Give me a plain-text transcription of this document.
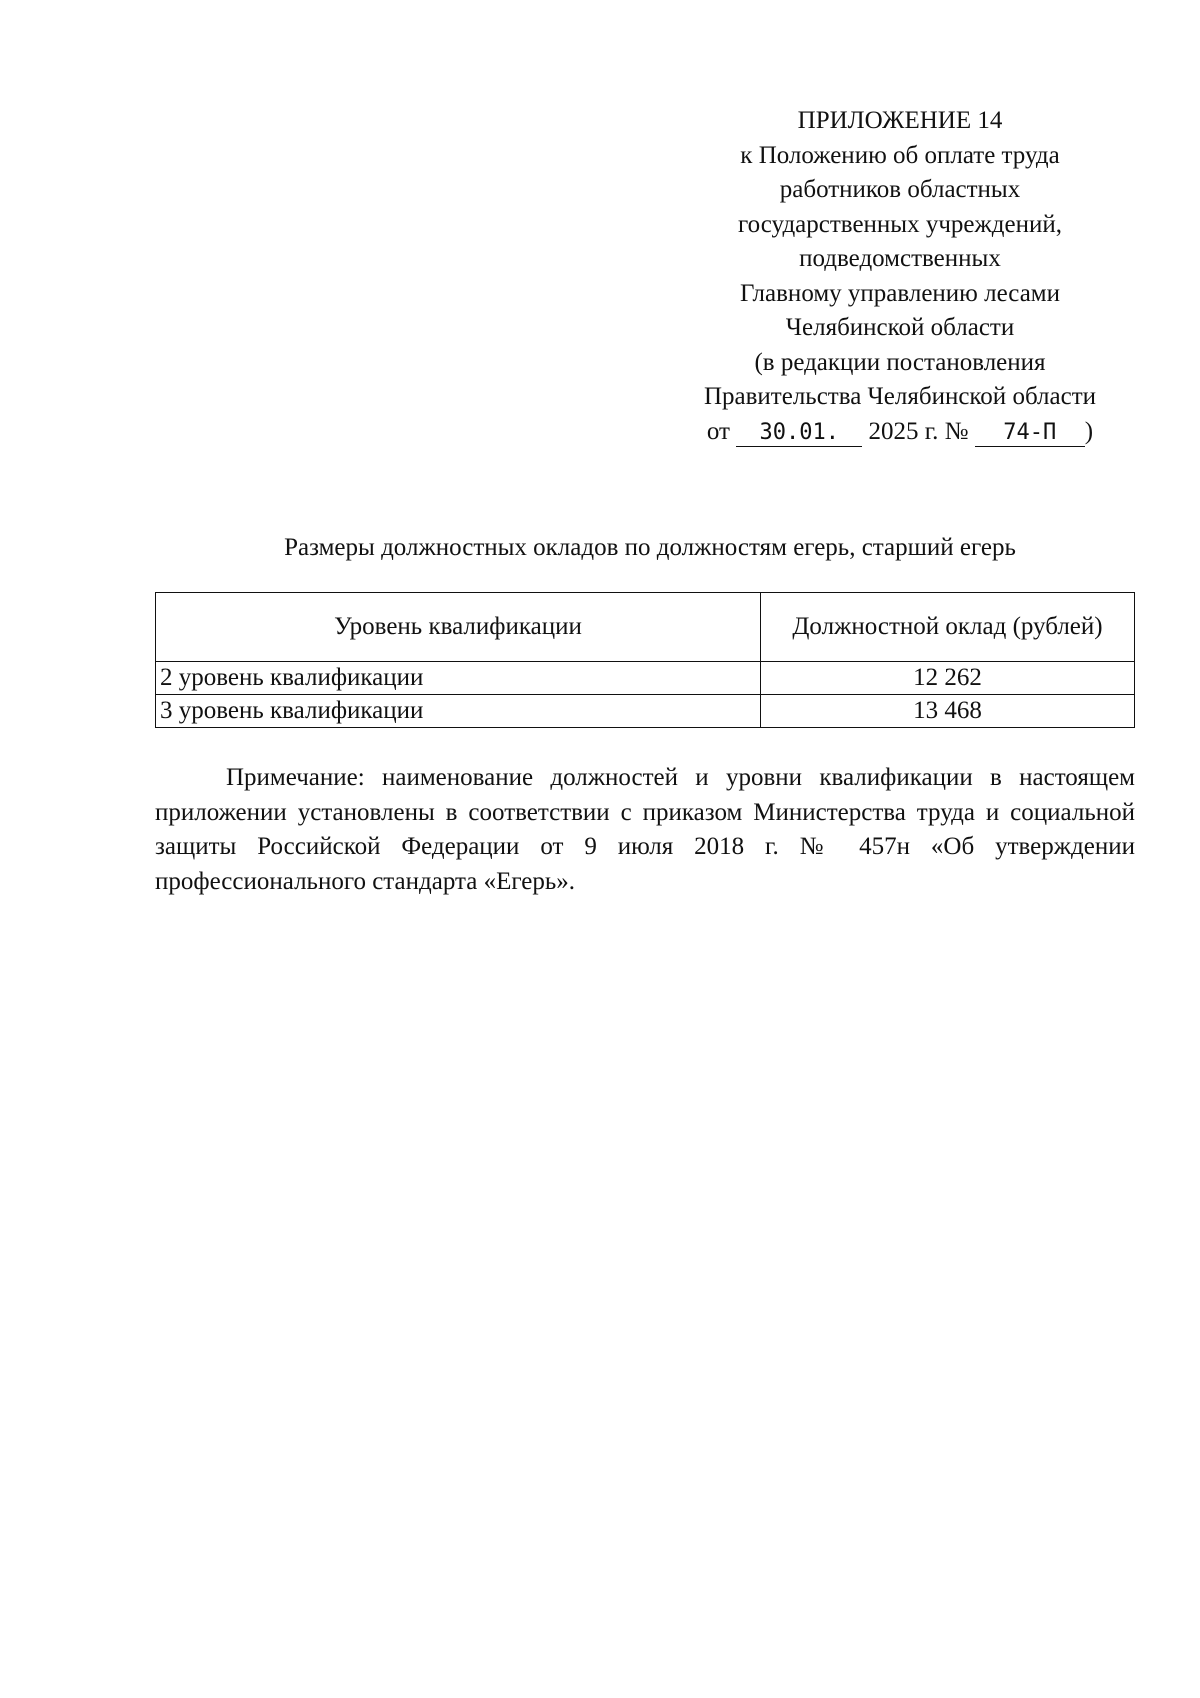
ПРИЛОЖЕНИЕ 14
к Положению об оплате труда
работников областных
государственных учреждений,
подведомственных
Главному управлению лесами
Челябинской области
(в редакции постановления
Правительства Челябинской области
от 30.01. 2025 г. № 74-П )
Размеры должностных окладов по должностям егерь, старший егерь
Уровень квалификации	Должностной оклад (рублей)
2 уровень квалификации	12 262
3 уровень квалификации	13 468

Примечание: наименование должностей и уровни квалификации в настоящем приложении установлены в соответствии с приказом Министерства труда и социальной защиты Российской Федерации от 9 июля 2018 г. № 457н «Об утверждении профессионального стандарта «Егерь».
